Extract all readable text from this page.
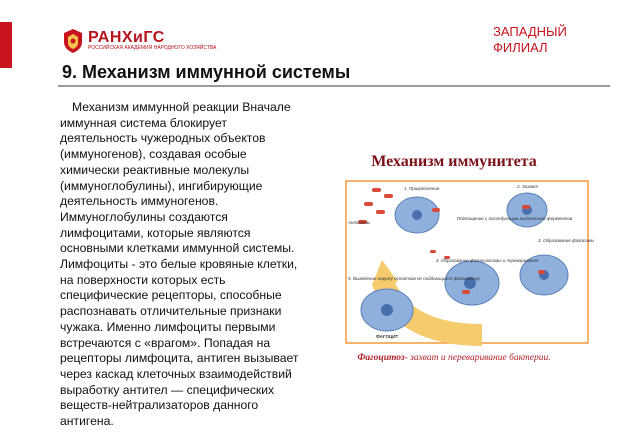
РАНХиГС
РОССИЙСКАЯ АКАДЕМИЯ НАРОДНОГО ХОЗЯЙСТВА
ЗАПАДНЫЙ ФИЛИАЛ
9. Механизм иммунной системы

Механизм иммунной реакции Вначале иммунная система блокирует деятельность чужеродных объектов (иммуногенов), создавая особые химически реактивные молекулы (иммуноглобулины), ингибирующие деятельность иммуногенов. Иммуноглобулины создаются лимфоцитами, которые являются основными клетками иммунной системы. Лимфоциты - это белые кровяные клетки, на поверхности которых есть специфические рецепторы, способные распознавать отличительные признаки чужака. Именно лимфоциты первыми встречаются с «врагом». Попадая на рецепторы лимфоцита, антиген вызывает через каскад клеточных взаимодействий выработку антител — специфических веществ-нейтрализаторов данного антигена.

Механизм иммунитета
1. Прикрепление	2. Захват
Антигены
Поглощение с последующим выделением ферментов
3. Образование фагосомы
4. Образование фаголизосомы и переваривание
5. Выведение наружу остатков не поддающихся фагоцитозу
ФАГОЦИТ
Фагоцитоз- захват и переваривание бактерии.
